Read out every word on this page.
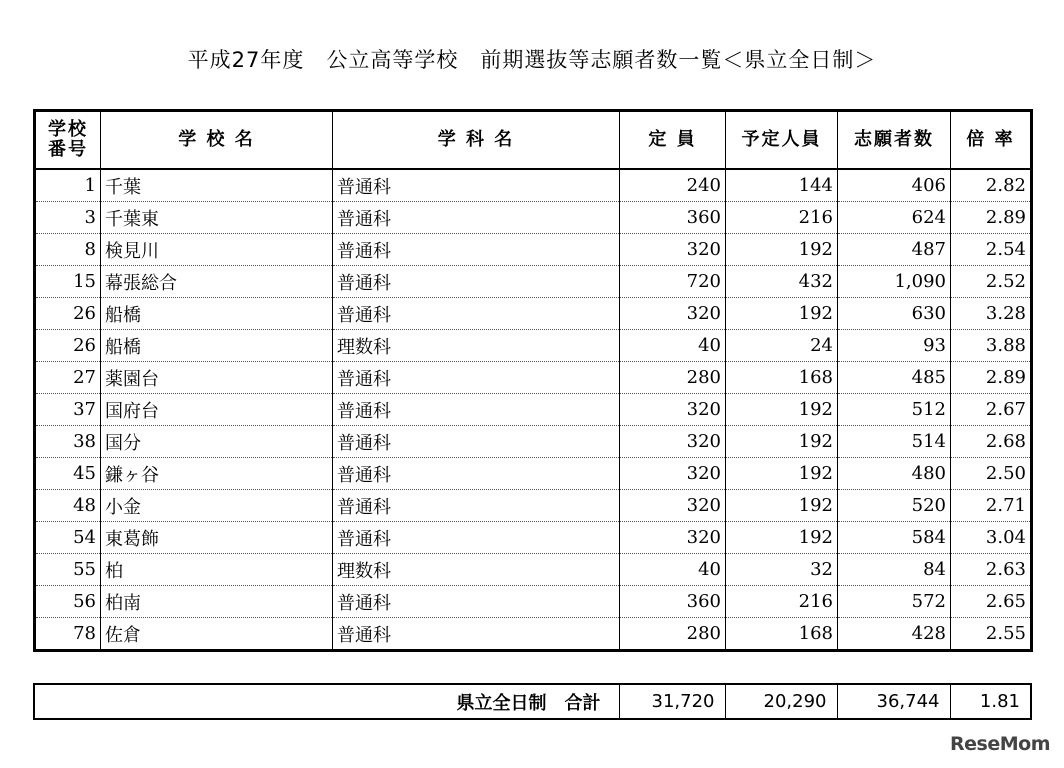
平成27年度　公立高等学校　前期選抜等志願者数一覧＜県立全日制＞
学校
番号	学 校 名	学 科 名	定 員	予定人員	志願者数	倍 率
1	千葉	普通科	240	144	406	2.82
3	千葉東	普通科	360	216	624	2.89
8	検見川	普通科	320	192	487	2.54
15	幕張総合	普通科	720	432	1,090	2.52
26	船橋	普通科	320	192	630	3.28
26	船橋	理数科	40	24	93	3.88
27	薬園台	普通科	280	168	485	2.89
37	国府台	普通科	320	192	512	2.67
38	国分	普通科	320	192	514	2.68
45	鎌ヶ谷	普通科	320	192	480	2.50
48	小金	普通科	320	192	520	2.71
54	東葛飾	普通科	320	192	584	3.04
55	柏	理数科	40	32	84	2.63
56	柏南	普通科	360	216	572	2.65
78	佐倉	普通科	280	168	428	2.55
県立全日制　合計	31,720	20,290	36,744	1.81
ReseMom
